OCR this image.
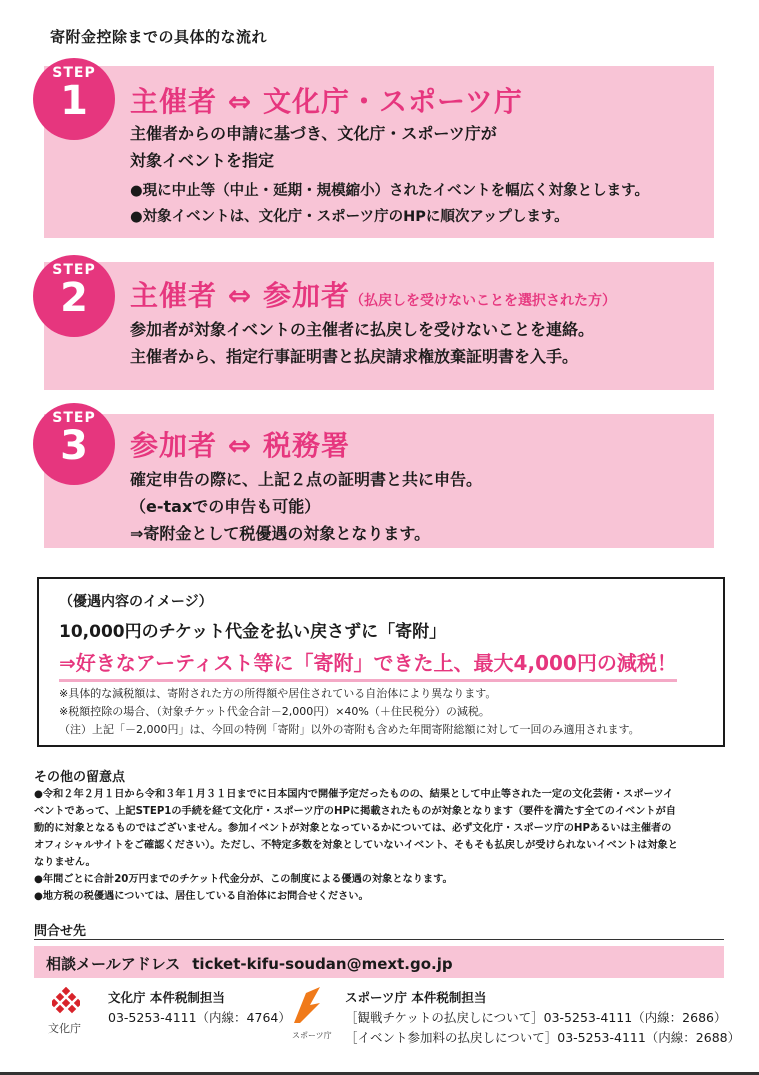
寄附金控除までの具体的な流れ
STEP
1	主催者 ⇔ 文化庁・スポーツ庁
主催者からの申請に基づき、文化庁・スポーツ庁が
対象イベントを指定
●現に中止等（中止・延期・規模縮小）されたイベントを幅広く対象とします。
●対象イベントは、文化庁・スポーツ庁のHPに順次アップします。
STEP
2	主催者 ⇔ 参加者（払戻しを受けないことを選択された方）
参加者が対象イベントの主催者に払戻しを受けないことを連絡。
主催者から、指定行事証明書と払戻請求権放棄証明書を入手。
STEP
3	参加者 ⇔ 税務署
確定申告の際に、上記２点の証明書と共に申告。
（e-taxでの申告も可能）
⇒寄附金として税優遇の対象となります。
（優遇内容のイメージ）
10,000円のチケット代金を払い戻さずに「寄附」
⇒好きなアーティスト等に「寄附」できた上、最大4,000円の減税！
※具体的な減税額は、寄附された方の所得額や居住されている自治体により異なります。
※税額控除の場合、（対象チケット代金合計－2,000円）×40%（＋住民税分）の減税。
（注）上記「－2,000円」は、今回の特例「寄附」以外の寄附も含めた年間寄附総額に対して一回のみ適用されます。
その他の留意点

●令和２年２月１日から令和３年１月３１日までに日本国内で開催予定だったものの、結果として中止等された一定の文化芸術・スポーツイ

ベントであって、上記STEP1の手続を経て文化庁・スポーツ庁のHPに掲載されたものが対象となります（要件を満たす全てのイベントが自

動的に対象となるものではございません。参加イベントが対象となっているかについては、必ず文化庁・スポーツ庁のHPあるいは主催者の

オフィシャルサイトをご確認ください）。ただし、不特定多数を対象としていないイベント、そもそも払戻しが受けられないイベントは対象と

なりません。

●年間ごとに合計20万円までのチケット代金分が、この制度による優遇の対象となります。

●地方税の税優遇については、居住している自治体にお問合せください。

問合せ先
相談メールアドレス ticket-kifu-soudan@mext.go.jp
文化庁
文化庁 本件税制担当
03-5253-4111（内線：4764）
スポーツ庁
スポーツ庁 本件税制担当
［観戦チケットの払戻しについて］03-5253-4111（内線：2686）
［イベント参加料の払戻しについて］03-5253-4111（内線：2688）
